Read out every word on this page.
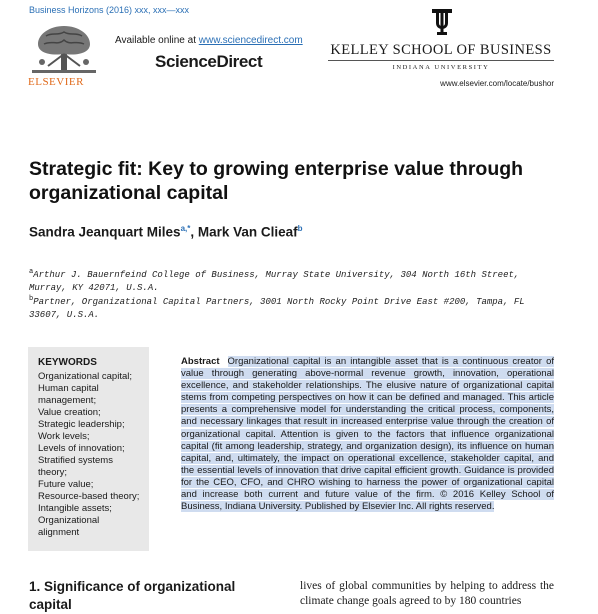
Business Horizons (2016) xxx, xxx—xxx
ELSEVIER
Available online at www.sciencedirect.com
ScienceDirect
KELLEY SCHOOL OF BUSINESS
INDIANA UNIVERSITY
www.elsevier.com/locate/bushor
Strategic fit: Key to growing enterprise value through organizational capital
Sandra Jeanquart Miles$^{a,*}$, Mark Van Clieaf$^b$
$^a$Arthur J. Bauernfeind College of Business, Murray State University, 304 North 16th Street, Murray, KY 42071, U.S.A.
$^b$Partner, Organizational Capital Partners, 3001 North Rocky Point Drive East #200, Tampa, FL 33607, U.S.A.
KEYWORDS
Organizational capital;
Human capital
management;
Value creation;
Strategic leadership;
Work levels;
Levels of innovation;
Stratified systems
theory;
Future value;
Resource-based theory;
Intangible assets;
Organizational
alignment
Abstract Organizational capital is an intangible asset that is a continuous creator of value through generating above-normal revenue growth, innovation, operational excellence, and stakeholder relationships. The elusive nature of organizational capital stems from competing perspectives on how it can be defined and managed. This article presents a comprehensive model for understanding the critical process, components, and necessary linkages that result in increased enterprise value through the creation of organizational capital. Attention is given to the factors that influence organizational capital (fit among leadership, strategy, and organization design), its influence on human capital, and, ultimately, the impact on operational excellence, stakeholder capital, and the essential levels of innovation that drive capital efficient growth. Guidance is provided for the CEO, CFO, and CHRO wishing to harness the power of organizational capital and increase both current and future value of the firm. © 2016 Kelley School of Business, Indiana University. Published by Elsevier Inc. All rights reserved.
1. Significance of organizational capital
lives of global communities by helping to address the climate change goals agreed to by 180 countries
